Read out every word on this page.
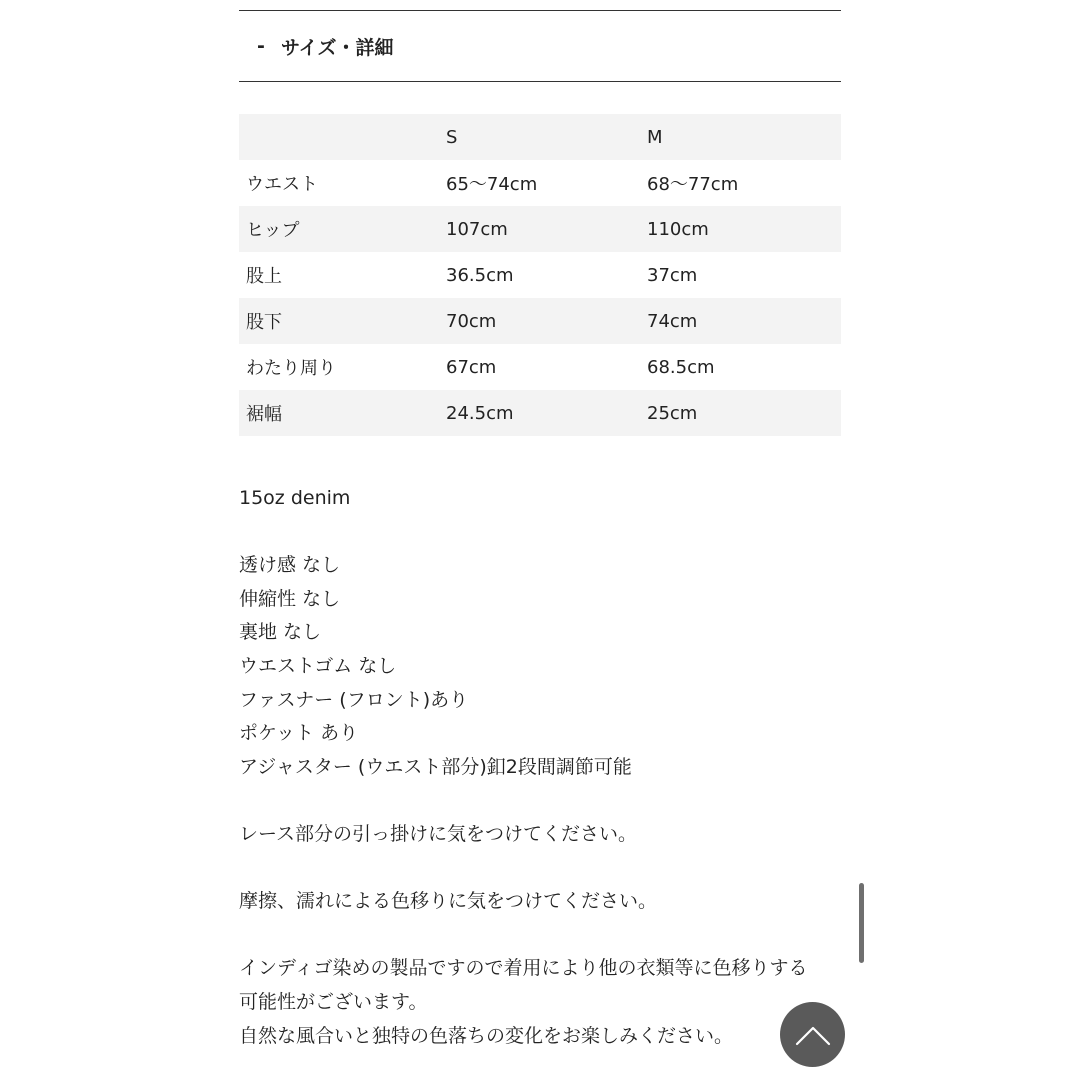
- サイズ・詳細
	S	M
ウエスト	65〜74cm	68〜77cm
ヒップ	107cm	110cm
股上	36.5cm	37cm
股下	70cm	74cm
わたり周り	67cm	68.5cm
裾幅	24.5cm	25cm
15oz denim
透け感 なし
伸縮性 なし
裏地 なし
ウエストゴム なし
ファスナー (フロント)あり
ポケット あり
アジャスター (ウエスト部分)釦2段間調節可能
レース部分の引っ掛けに気をつけてください。
摩擦、濡れによる色移りに気をつけてください。
インディゴ染めの製品ですので着用により他の衣類等に色移りする
可能性がございます。
自然な風合いと独特の色落ちの変化をお楽しみください。
